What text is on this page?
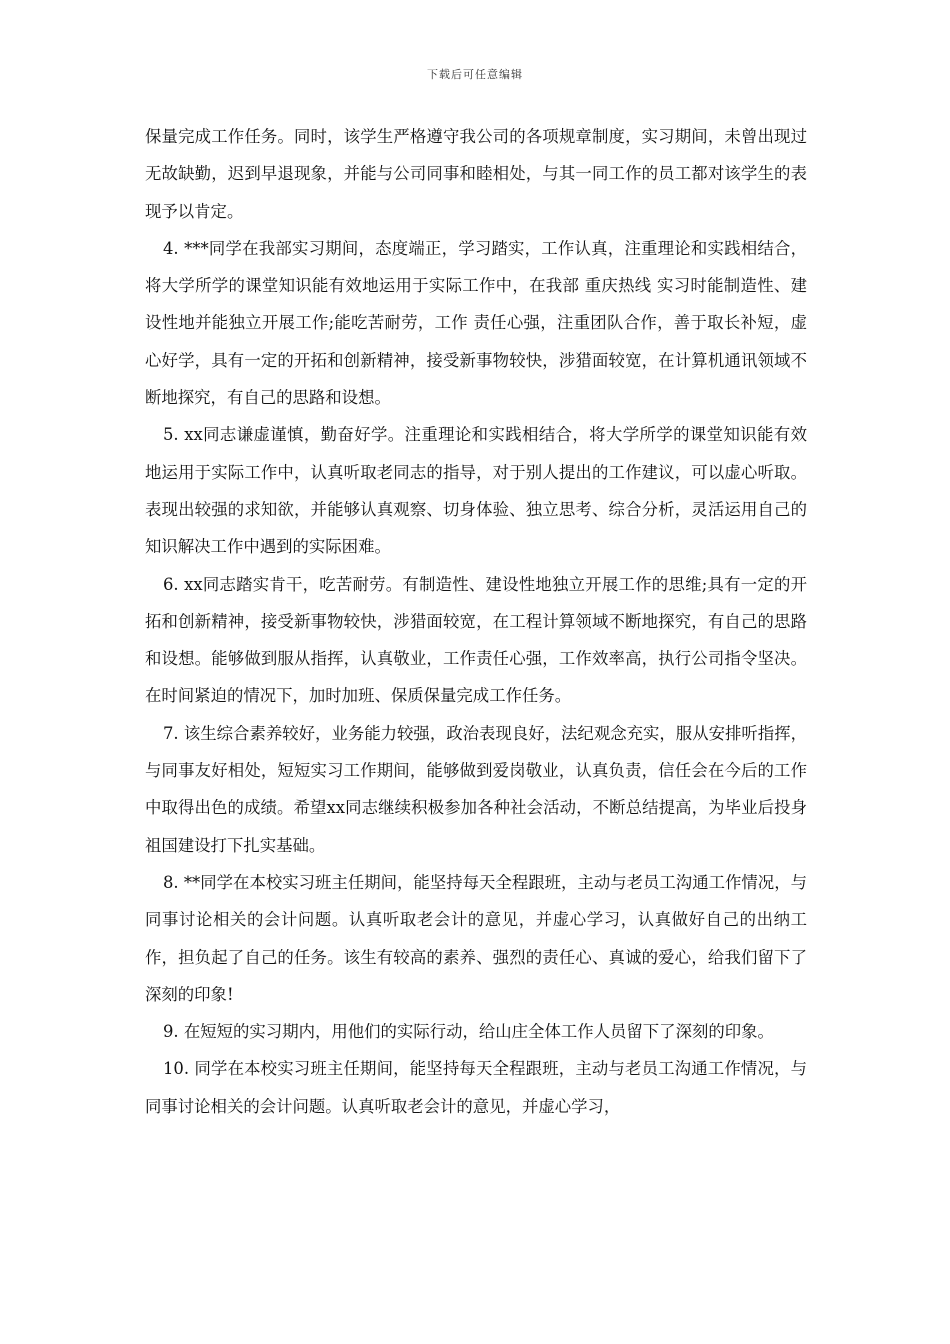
下载后可任意编辑

保量完成工作任务。同时，该学生严格遵守我公司的各项规章制度，实习期间，未曾出现过无故缺勤，迟到早退现象，并能与公司同事和睦相处，与其一同工作的员工都对该学生的表现予以肯定。

4. ***同学在我部实习期间，态度端正，学习踏实，工作认真，注重理论和实践相结合，将大学所学的课堂知识能有效地运用于实际工作中，在我部 重庆热线 实习时能制造性、建设性地并能独立开展工作;能吃苦耐劳，工作 责任心强，注重团队合作，善于取长补短，虚心好学，具有一定的开拓和创新精神，接受新事物较快，涉猎面较宽，在计算机通讯领域不断地探究，有自己的思路和设想。

5. xx同志谦虚谨慎，勤奋好学。注重理论和实践相结合，将大学所学的课堂知识能有效地运用于实际工作中，认真听取老同志的指导，对于别人提出的工作建议，可以虚心听取。表现出较强的求知欲，并能够认真观察、切身体验、独立思考、综合分析，灵活运用自己的知识解决工作中遇到的实际困难。

6. xx同志踏实肯干，吃苦耐劳。有制造性、建设性地独立开展工作的思维;具有一定的开拓和创新精神，接受新事物较快，涉猎面较宽，在工程计算领域不断地探究，有自己的思路和设想。能够做到服从指挥，认真敬业，工作责任心强，工作效率高，执行公司指令坚决。在时间紧迫的情况下，加时加班、保质保量完成工作任务。

7. 该生综合素养较好，业务能力较强，政治表现良好，法纪观念充实，服从安排听指挥，与同事友好相处，短短实习工作期间，能够做到爱岗敬业，认真负责，信任会在今后的工作中取得出色的成绩。希望xx同志继续积极参加各种社会活动，不断总结提高，为毕业后投身祖国建设打下扎实基础。

8. **同学在本校实习班主任期间，能坚持每天全程跟班，主动与老员工沟通工作情况，与同事讨论相关的会计问题。认真听取老会计的意见，并虚心学习，认真做好自己的出纳工作，担负起了自己的任务。该生有较高的素养、强烈的责任心、真诚的爱心，给我们留下了深刻的印象!

9. 在短短的实习期内，用他们的实际行动，给山庄全体工作人员留下了深刻的印象。

10. 同学在本校实习班主任期间，能坚持每天全程跟班，主动与老员工沟通工作情况，与同事讨论相关的会计问题。认真听取老会计的意见，并虚心学习，
